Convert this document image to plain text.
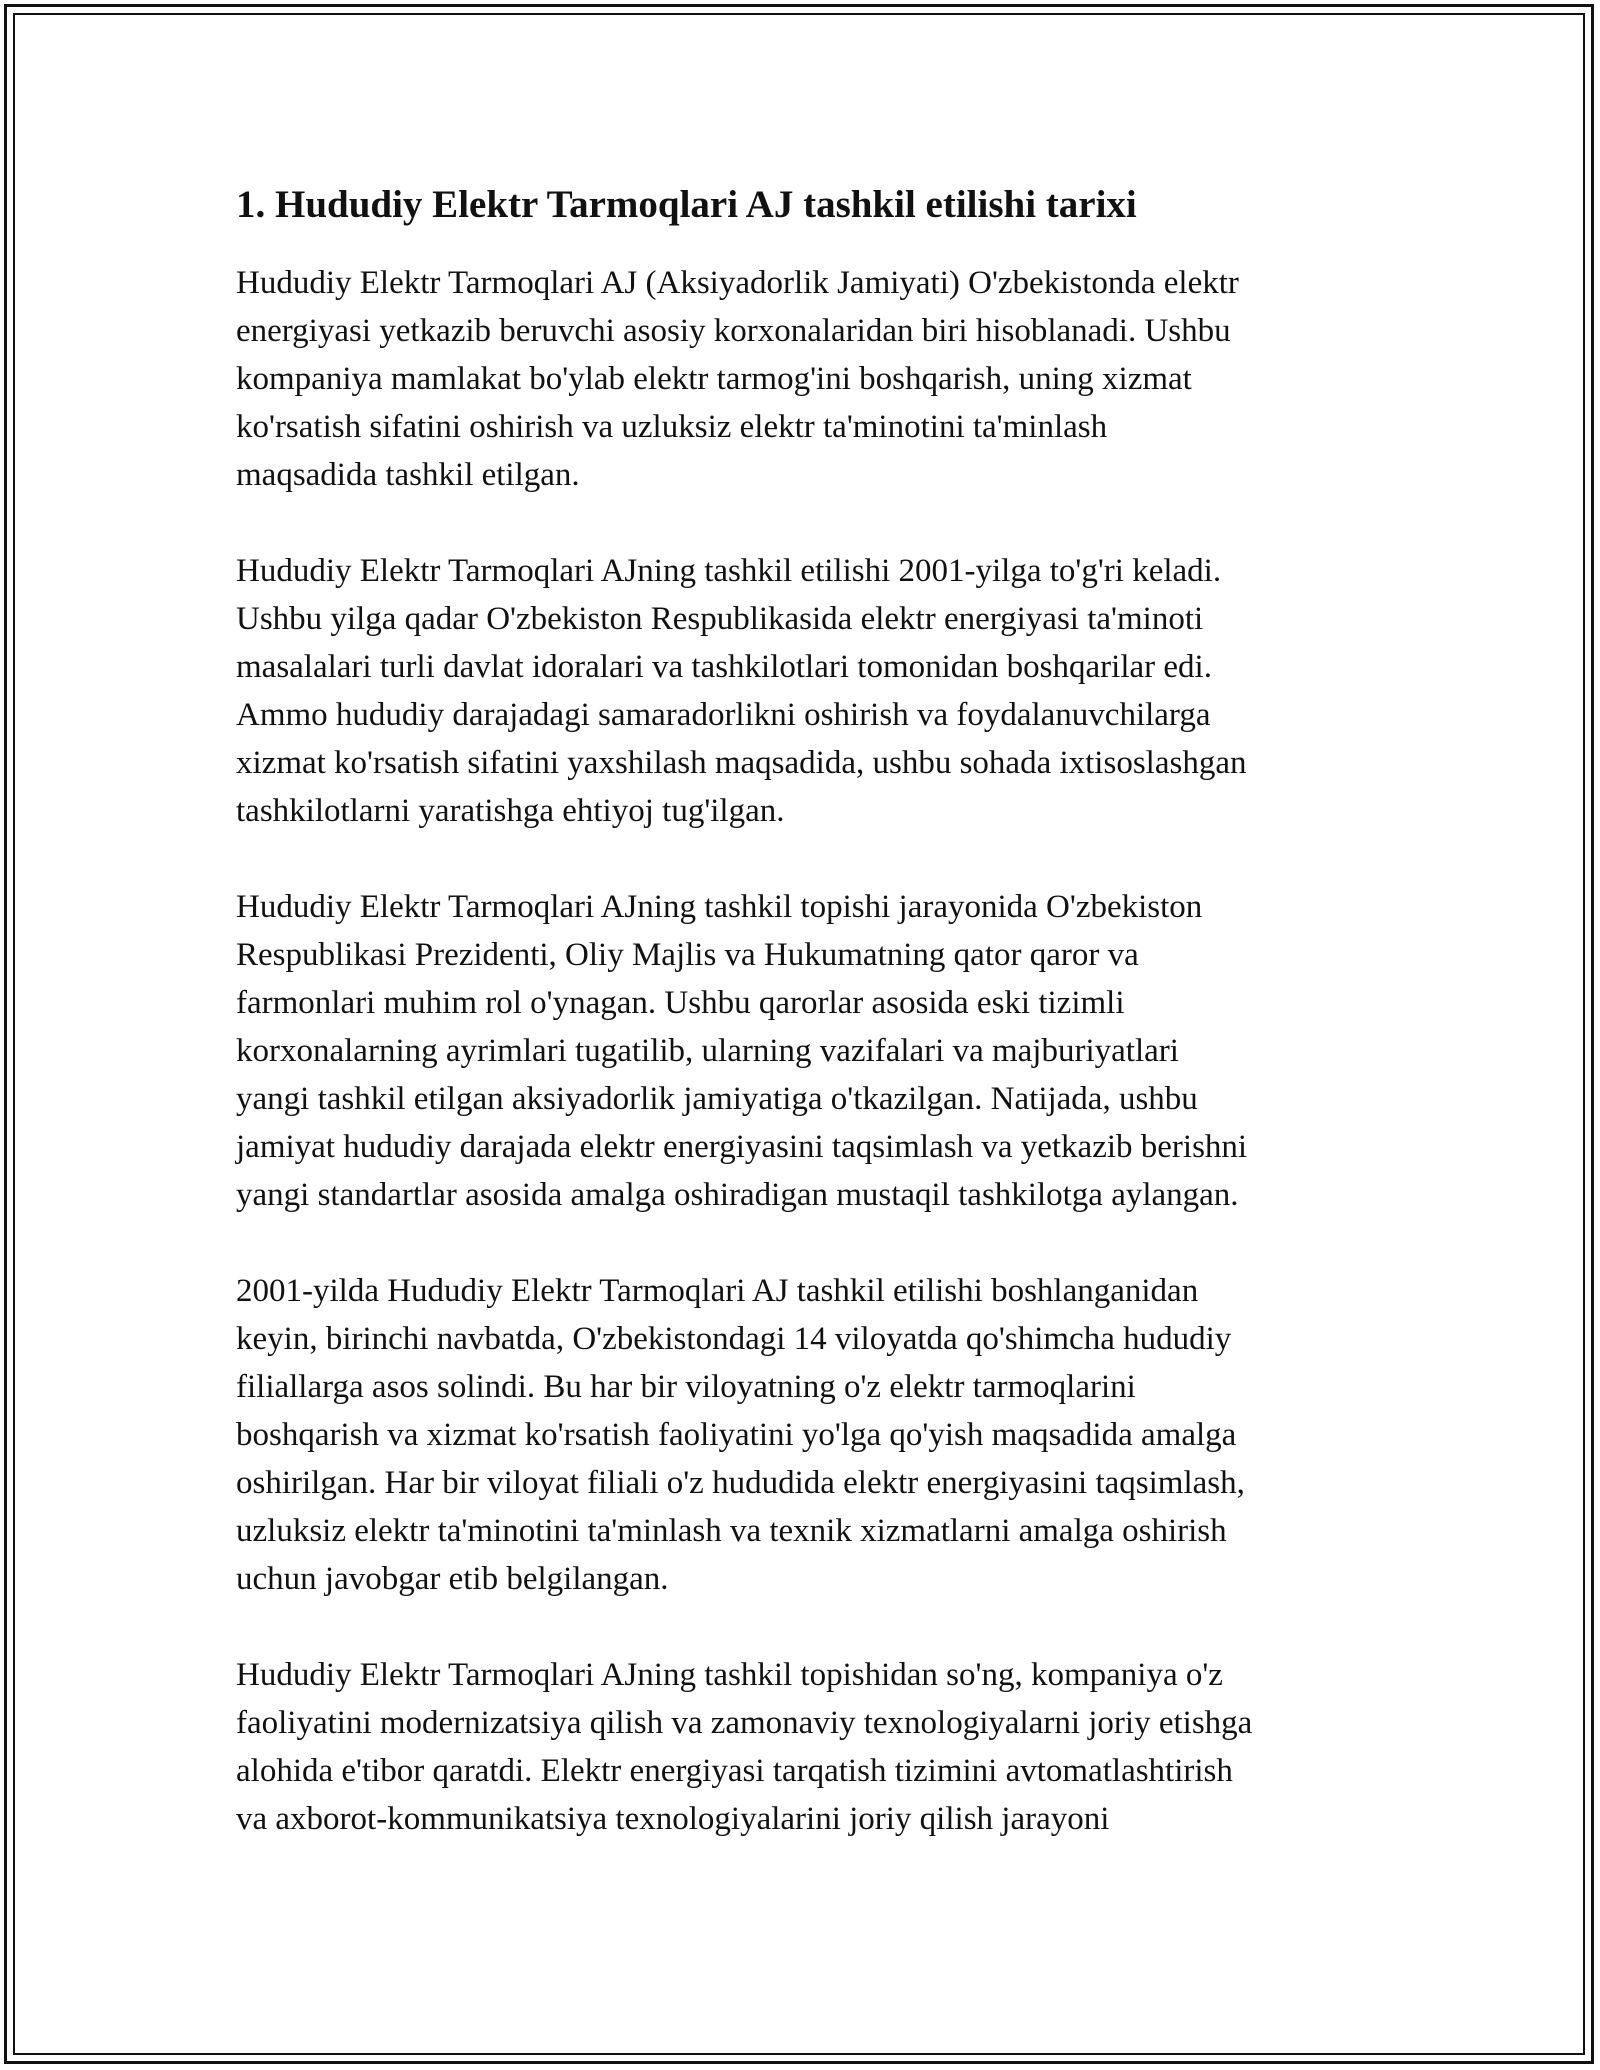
1. Hududiy Elektr Tarmoqlari AJ tashkil etilishi tarixi

Hududiy Elektr Tarmoqlari AJ (Aksiyadorlik Jamiyati) O'zbekistonda elektr
energiyasi yetkazib beruvchi asosiy korxonalaridan biri hisoblanadi. Ushbu
kompaniya mamlakat bo'ylab elektr tarmog'ini boshqarish, uning xizmat
ko'rsatish sifatini oshirish va uzluksiz elektr ta'minotini ta'minlash
maqsadida tashkil etilgan.

Hududiy Elektr Tarmoqlari AJning tashkil etilishi 2001-yilga to'g'ri keladi.
Ushbu yilga qadar O'zbekiston Respublikasida elektr energiyasi ta'minoti
masalalari turli davlat idoralari va tashkilotlari tomonidan boshqarilar edi.
Ammo hududiy darajadagi samaradorlikni oshirish va foydalanuvchilarga
xizmat ko'rsatish sifatini yaxshilash maqsadida, ushbu sohada ixtisoslashgan
tashkilotlarni yaratishga ehtiyoj tug'ilgan.

Hududiy Elektr Tarmoqlari AJning tashkil topishi jarayonida O'zbekiston
Respublikasi Prezidenti, Oliy Majlis va Hukumatning qator qaror va
farmonlari muhim rol o'ynagan. Ushbu qarorlar asosida eski tizimli
korxonalarning ayrimlari tugatilib, ularning vazifalari va majburiyatlari
yangi tashkil etilgan aksiyadorlik jamiyatiga o'tkazilgan. Natijada, ushbu
jamiyat hududiy darajada elektr energiyasini taqsimlash va yetkazib berishni
yangi standartlar asosida amalga oshiradigan mustaqil tashkilotga aylangan.

2001-yilda Hududiy Elektr Tarmoqlari AJ tashkil etilishi boshlanganidan
keyin, birinchi navbatda, O'zbekistondagi 14 viloyatda qo'shimcha hududiy
filiallarga asos solindi. Bu har bir viloyatning o'z elektr tarmoqlarini
boshqarish va xizmat ko'rsatish faoliyatini yo'lga qo'yish maqsadida amalga
oshirilgan. Har bir viloyat filiali o'z hududida elektr energiyasini taqsimlash,
uzluksiz elektr ta'minotini ta'minlash va texnik xizmatlarni amalga oshirish
uchun javobgar etib belgilangan.

Hududiy Elektr Tarmoqlari AJning tashkil topishidan so'ng, kompaniya o'z
faoliyatini modernizatsiya qilish va zamonaviy texnologiyalarni joriy etishga
alohida e'tibor qaratdi. Elektr energiyasi tarqatish tizimini avtomatlashtirish
va axborot-kommunikatsiya texnologiyalarini joriy qilish jarayoni
